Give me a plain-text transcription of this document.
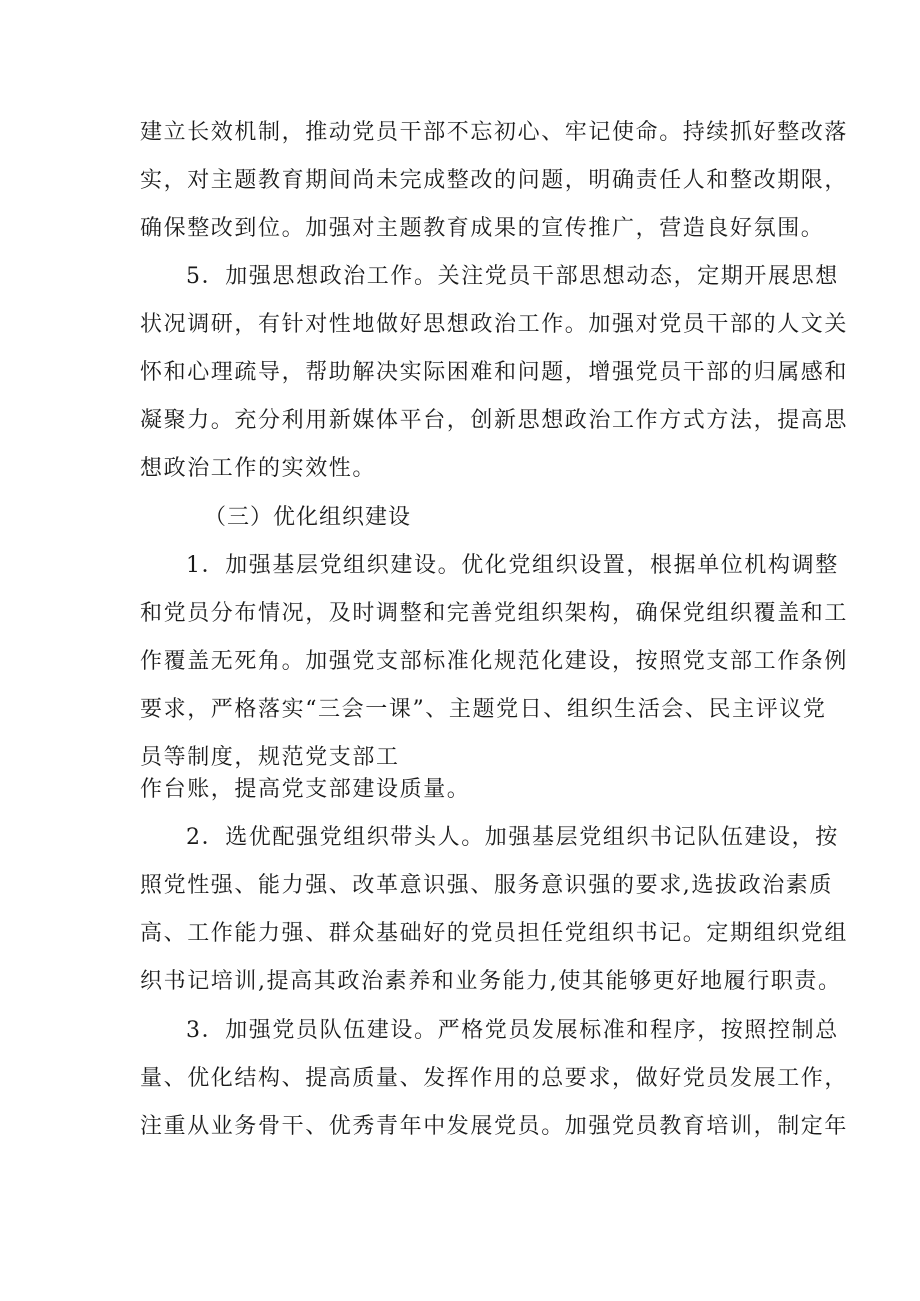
建立长效机制，推动党员干部不忘初心、牢记使命。持续抓好整改落
实，对主题教育期间尚未完成整改的问题，明确责任人和整改期限，
确保整改到位。加强对主题教育成果的宣传推广，营造良好氛围。
5．加强思想政治工作。关注党员干部思想动态，定期开展思想
状况调研，有针对性地做好思想政治工作。加强对党员干部的人文关
怀和心理疏导，帮助解决实际困难和问题，增强党员干部的归属感和
凝聚力。充分利用新媒体平台，创新思想政治工作方式方法，提高思
想政治工作的实效性。
（三）优化组织建设
1．加强基层党组织建设。优化党组织设置，根据单位机构调整
和党员分布情况，及时调整和完善党组织架构，确保党组织覆盖和工
作覆盖无死角。加强党支部标准化规范化建设，按照党支部工作条例
要求，严格落实“三会一课”、主题党日、组织生活会、民主评议党
员等制度，规范党支部工
作台账，提高党支部建设质量。
2．选优配强党组织带头人。加强基层党组织书记队伍建设，按
照党性强、能力强、改革意识强、服务意识强的要求,选拔政治素质
高、工作能力强、群众基础好的党员担任党组织书记。定期组织党组
织书记培训,提高其政治素养和业务能力,使其能够更好地履行职责。
3．加强党员队伍建设。严格党员发展标准和程序，按照控制总
量、优化结构、提高质量、发挥作用的总要求，做好党员发展工作，
注重从业务骨干、优秀青年中发展党员。加强党员教育培训，制定年
